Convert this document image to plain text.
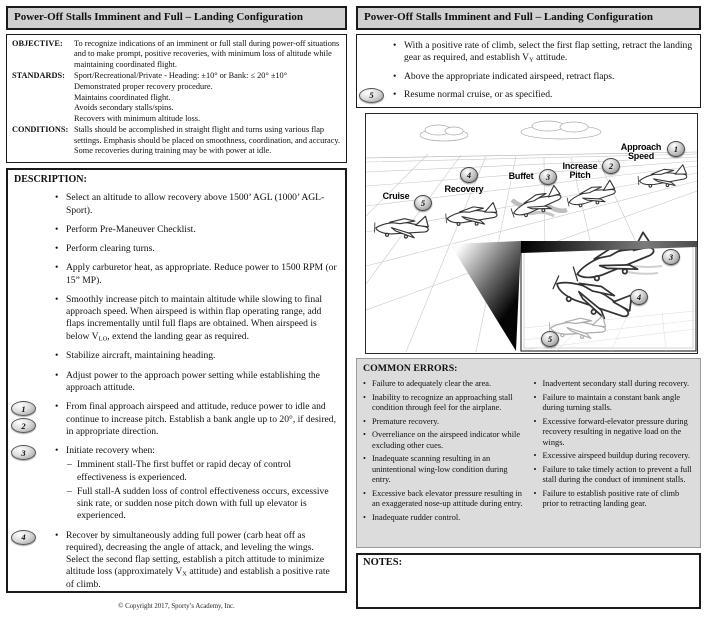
Power-Off Stalls Imminent and Full – Landing Configuration
OBJECTIVE:	To recognize indications of an imminent or full stall during power-off situations and to make prompt, positive recoveries, with minimum loss of altitude while maintaining coordinated flight.
STANDARDS:	Sport/Recreational/Private - Heading: ±10° or Bank: ≤ 20° ±10°
Demonstrated proper recovery procedure.
Maintains coordinated flight.
Avoids secondary stalls/spins.
Recovers with minimum altitude loss.
CONDITIONS: Stalls should be accomplished in straight flight and turns using various flap settings. Emphasis should be placed on smoothness, coordination, and accuracy. Some recoveries during training may be with power at idle.
DESCRIPTION:
•
Select an altitude to allow recovery above 1500’ AGL (1000’ AGL-Sport).
•
Perform Pre-Maneuver Checklist.
•
Perform clearing turns.
•
Apply carburetor heat, as appropriate. Reduce power to 1500 RPM (or 15” MP).
•
Smoothly increase pitch to maintain altitude while slowing to final approach speed. When airspeed is within flap operating range, add flaps incrementally until full flaps are obtained. When airspeed is below VLO, extend the landing gear as required.
•
Stabilize aircraft, maintaining heading.
•
Adjust power to the approach power setting while establishing the approach attitude.
1
2
•
From final approach airspeed and attitude, reduce power to idle and continue to increase pitch. Establish a bank angle up to 20°, if desired, in appropriate direction.
3 •	Initiate recovery when:
–
Imminent stall-The first buffet or rapid decay of control effectiveness is experienced.
–
Full stall-A sudden loss of control effectiveness occurs, excessive sink rate, or sudden nose pitch down with full up elevator is experienced.
4 •	Recover by simultaneously adding full power (carb heat off as required), decreasing the angle of attack, and leveling the wings. Select the second flap setting, establish a pitch attitude to minimize altitude loss (approximately VX attitude) and establish a positive rate of climb.
© Copyright 2017, Sporty’s Academy, Inc.
Power-Off Stalls Imminent and Full – Landing Configuration
•
With a positive rate of climb, select the first flap setting, retract the landing gear as required, and establish VY attitude.
•
Above the appropriate indicated airspeed, retract flaps.
5 •	Resume normal cruise, or as specified.
Approach
Speed
Increase
Pitch
Buffet
Recovery
Cruise
1
2
3
4
5
3
4
5
COMMON ERRORS:
•
Failure to adequately clear the area.
•
Inability to recognize an approaching stall condition through feel for the airplane.
•
Premature recovery.
•
Overreliance on the airspeed indicator while excluding other cues.
•
Inadequate scanning resulting in an unintentional wing-low condition during entry.
•
Excessive back elevator pressure resulting in an exaggerated nose-up attitude during entry.
•
Inadequate rudder control.
•
Inadvertent secondary stall during recovery.
•
Failure to maintain a constant bank angle during turning stalls.
•
Excessive forward-elevator pressure during recovery resulting in negative load on the wings.
•
Excessive airspeed buildup during recovery.
•
Failure to take timely action to prevent a full stall during the conduct of imminent stalls.
•
Failure to establish positive rate of climb prior to retracting landing gear.
NOTES:
